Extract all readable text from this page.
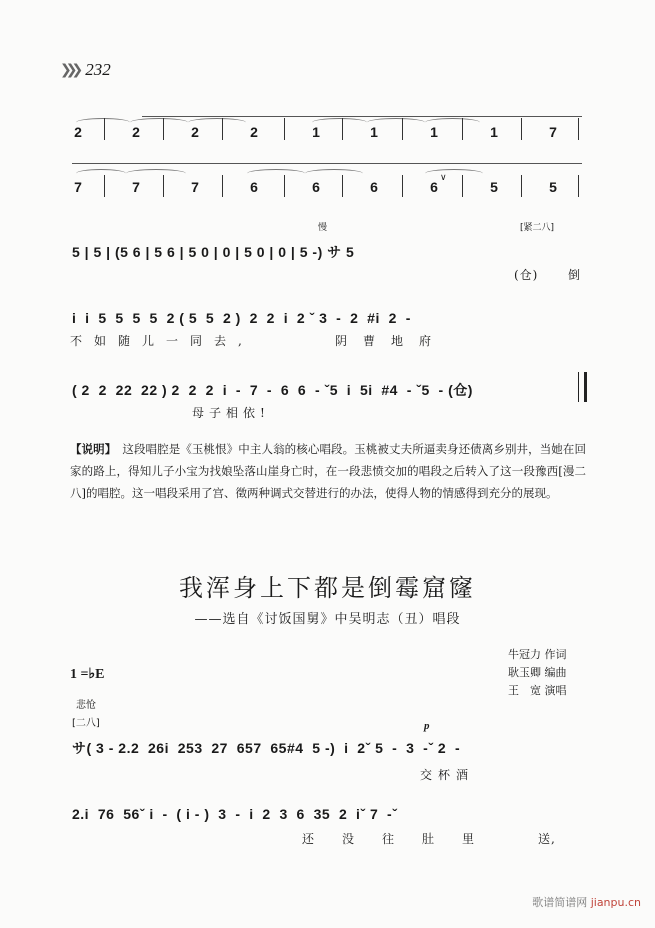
❯❯❯ 232
2	2	2	2	1	1	1	1	7
7	7	7	6	6	6	6
∨
5	5
慢	[紧二八]
5 | 5 | (5 6 | 5 6 | 5 0 | 0 | 5 0 | 0 | 5 -) サ 5
(仓) 倒
i  i  5  5  5  5  2 ( 5  5  2 )  2  2  i  2 ˇ 3  -  2  #i  2  -
不如随儿一同去,	阴曹地府
( 2  2  22  22 ) 2  2  2  i  -  7  -  6  6  - ˇ5  i  5i  #4  - ˇ5  - (仓)
母子相依!
【说明】 这段唱腔是《玉桃恨》中主人翁的核心唱段。玉桃被丈夫所逼卖身还债离乡别井，当她在回家的路上，得知儿子小宝为找娘坠落山崖身亡时，在一段悲愤交加的唱段之后转入了这一段豫西[漫二八]的唱腔。这一唱段采用了宫、徵两种调式交替进行的办法，使得人物的情感得到充分的展现。
我浑身上下都是倒霉窟窿
——选自《讨饭国舅》中吴明志（丑）唱段
牛冠力 作词
耿玉卿 编曲
王　宽 演唱
1 =♭E
悲怆
[二八]	p
サ( 3 - 2.2  26i  253  27  657  65#4  5 -)  i  2ˇ 5  -  3  -ˇ 2  -
交杯酒
2.i  76  56ˇ i  -  ( i - )  3  -  i  2  3  6  35  2  iˇ 7  -ˇ
还没往肚里	送,
歌谱简谱网 jianpu.cn
